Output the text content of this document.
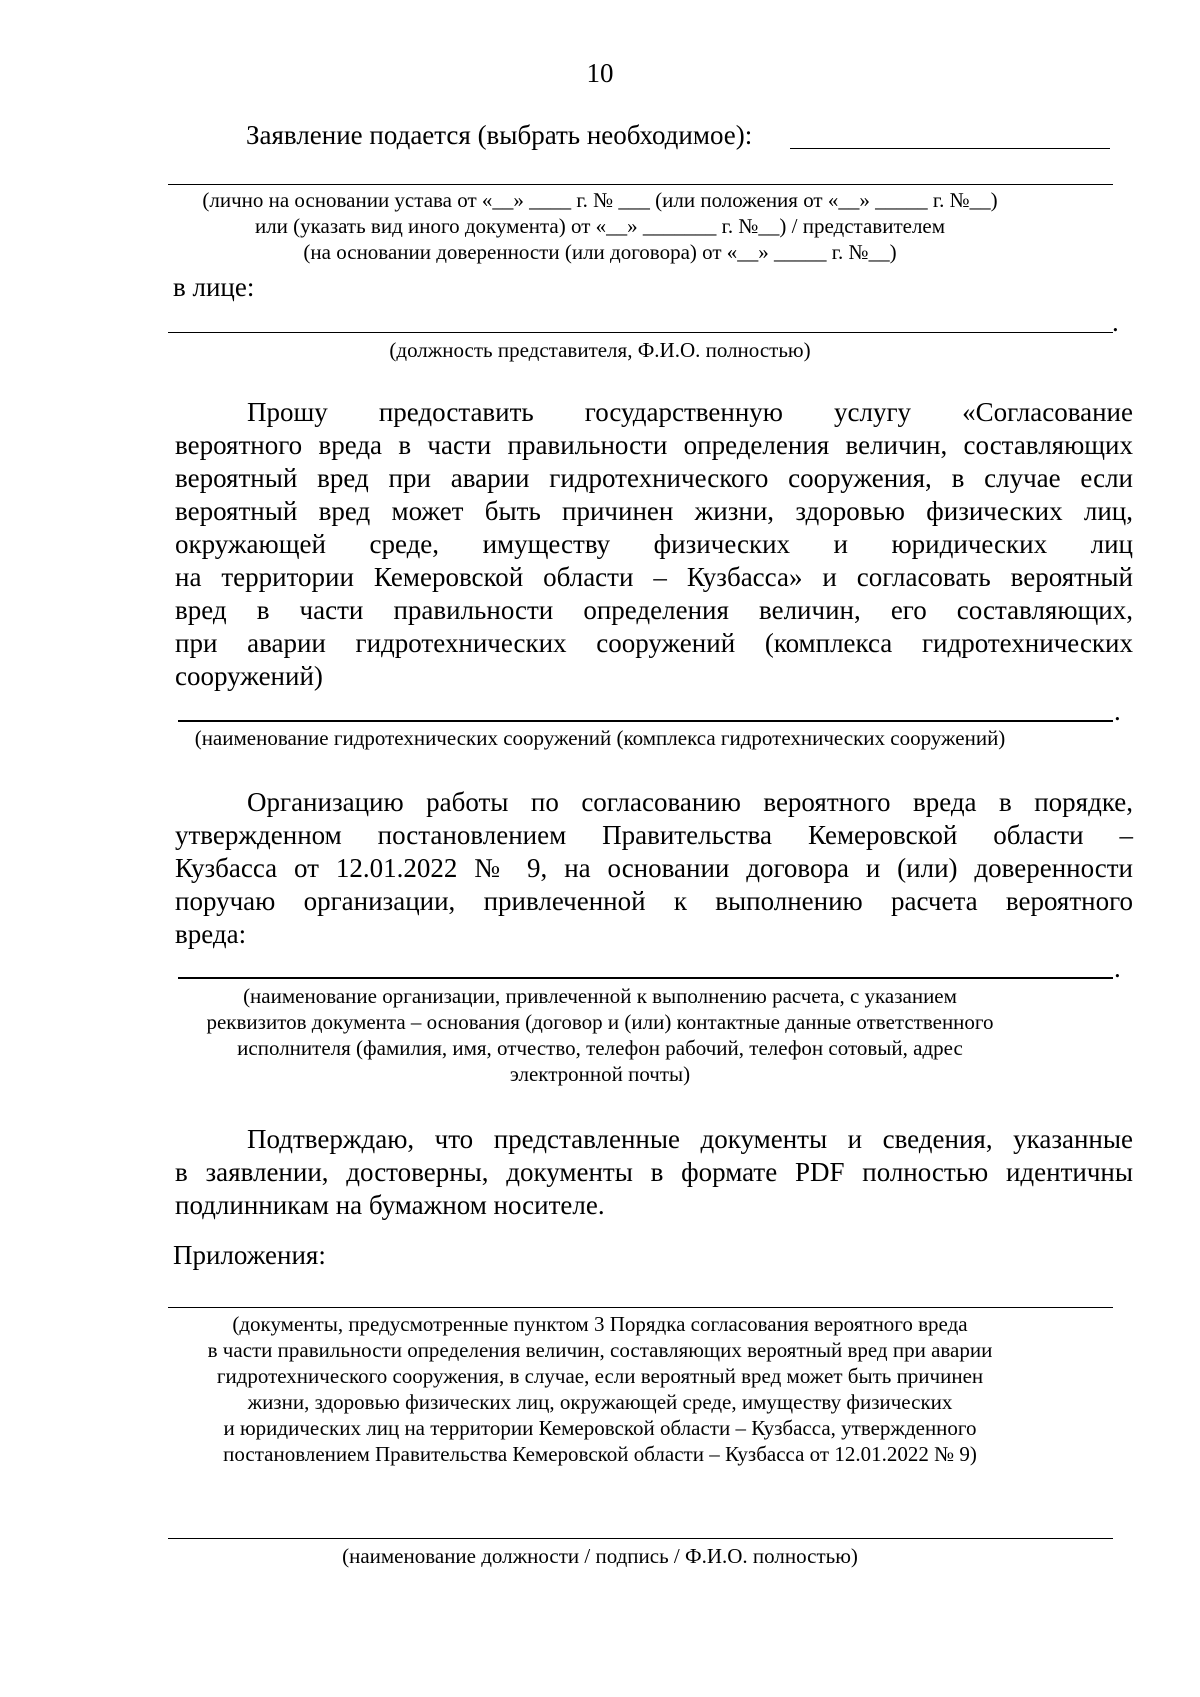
10
Заявление подается (выбрать необходимое):
(лично на основании устава от «__» ____ г. № ___ (или положения от «__» _____ г. №__)
или (указать вид иного документа) от «__» _______ г. №__) / представителем
(на основании доверенности (или договора) от «__» _____ г. №__)
в лице:
.
(должность представителя, Ф.И.О. полностью)
Прошу предоставить государственную услугу «Согласование
вероятного вреда в части правильности определения величин, составляющих
вероятный вред при аварии гидротехнического сооружения, в случае если
вероятный вред может быть причинен жизни, здоровью физических лиц,
окружающей среде, имуществу физических и юридических лиц
на территории Кемеровской области – Кузбасса» и согласовать вероятный
вред в части правильности определения величин, его составляющих,
при аварии гидротехнических сооружений (комплекса гидротехнических
сооружений)
.
(наименование гидротехнических сооружений (комплекса гидротехнических сооружений)
Организацию работы по согласованию вероятного вреда в порядке,
утвержденном постановлением Правительства Кемеровской области –
Кузбасса от 12.01.2022 № 9, на основании договора и (или) доверенности
поручаю организации, привлеченной к выполнению расчета вероятного
вреда:
.
(наименование организации, привлеченной к выполнению расчета, с указанием
реквизитов документа – основания (договор и (или) контактные данные ответственного
исполнителя (фамилия, имя, отчество, телефон рабочий, телефон сотовый, адрес
электронной почты)
Подтверждаю, что представленные документы и сведения, указанные
в заявлении, достоверны, документы в формате PDF полностью идентичны
подлинникам на бумажном носителе.
Приложения:
(документы, предусмотренные пунктом 3 Порядка согласования вероятного вреда
в части правильности определения величин, составляющих вероятный вред при аварии
гидротехнического сооружения, в случае, если вероятный вред может быть причинен
жизни, здоровью физических лиц, окружающей среде, имуществу физических
и юридических лиц на территории Кемеровской области – Кузбасса, утвержденного
постановлением Правительства Кемеровской области – Кузбасса от 12.01.2022 № 9)
(наименование должности / подпись / Ф.И.О. полностью)
